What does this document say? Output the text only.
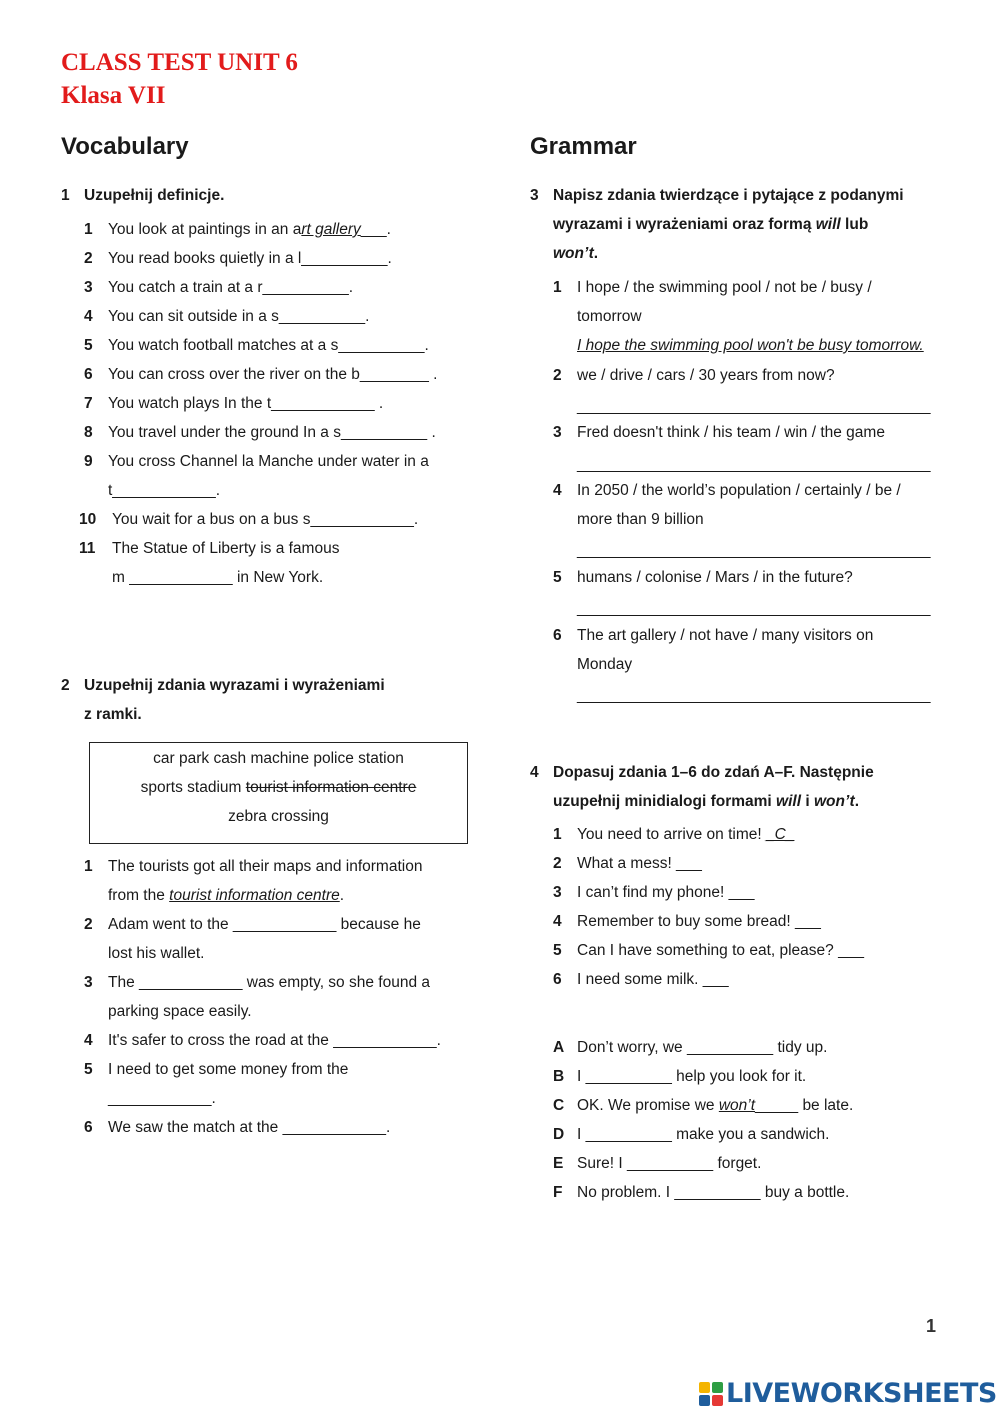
CLASS TEST UNIT 6
Klasa VII
Vocabulary	Grammar
1 Uzupełnij definicje.
1 You look at paintings in an art gallery___.
2 You read books quietly in a l__________.
3 You catch a train at a r__________.
4 You can sit outside in a s__________.
5 You watch football matches at a s__________.
6 You can cross over the river on the b________ .
7 You watch plays In the t____________ .
8 You travel under the ground In a s__________ .
9 You cross Channel la Manche under water in a
t____________.
10 You wait for a bus on a bus s____________.
11 The Statue of Liberty is a famous
m ____________ in New York.
2 Uzupełnij zdania wyrazami i wyrażeniami
z ramki.
car park cash machine police station
sports stadium tourist information centre
zebra crossing
1 The tourists got all their maps and information
from the tourist information centre.
2 Adam went to the ____________ because he
lost his wallet.
3 The ____________ was empty, so she found a
parking space easily.
4 It's safer to cross the road at the ____________.
5 I need to get some money from the
____________.
6 We saw the match at the ____________.
3 Napisz zdania twierdzące i pytające z podanymi
wyrazami i wyrażeniami oraz formą will lub
won’t.
1 I hope / the swimming pool / not be / busy /
tomorrow
I hope the swimming pool won't be busy tomorrow.
2 we / drive / cars / 30 years from now?
_________________________________________
3 Fred doesn't think / his team / win / the game
_________________________________________
4 In 2050 / the world’s population / certainly / be /
more than 9 billion
_________________________________________
5 humans / colonise / Mars / in the future?
_________________________________________
6 The art gallery / not have / many visitors on
Monday
_________________________________________
4 Dopasuj zdania 1–6 do zdań A–F. Następnie
uzupełnij minidialogi formami will i won’t.
1 You need to arrive on time! _C_
2 What a mess! ___
3 I can’t find my phone! ___
4 Remember to buy some bread! ___
5 Can I have something to eat, please? ___
6 I need some milk. ___
A Don’t worry, we __________ tidy up.
B I __________ help you look for it.
C OK. We promise we won’t_____ be late.
D I __________ make you a sandwich.
E Sure! I __________ forget.
F No problem. I __________ buy a bottle.
1
LIVEWORKSHEETS
